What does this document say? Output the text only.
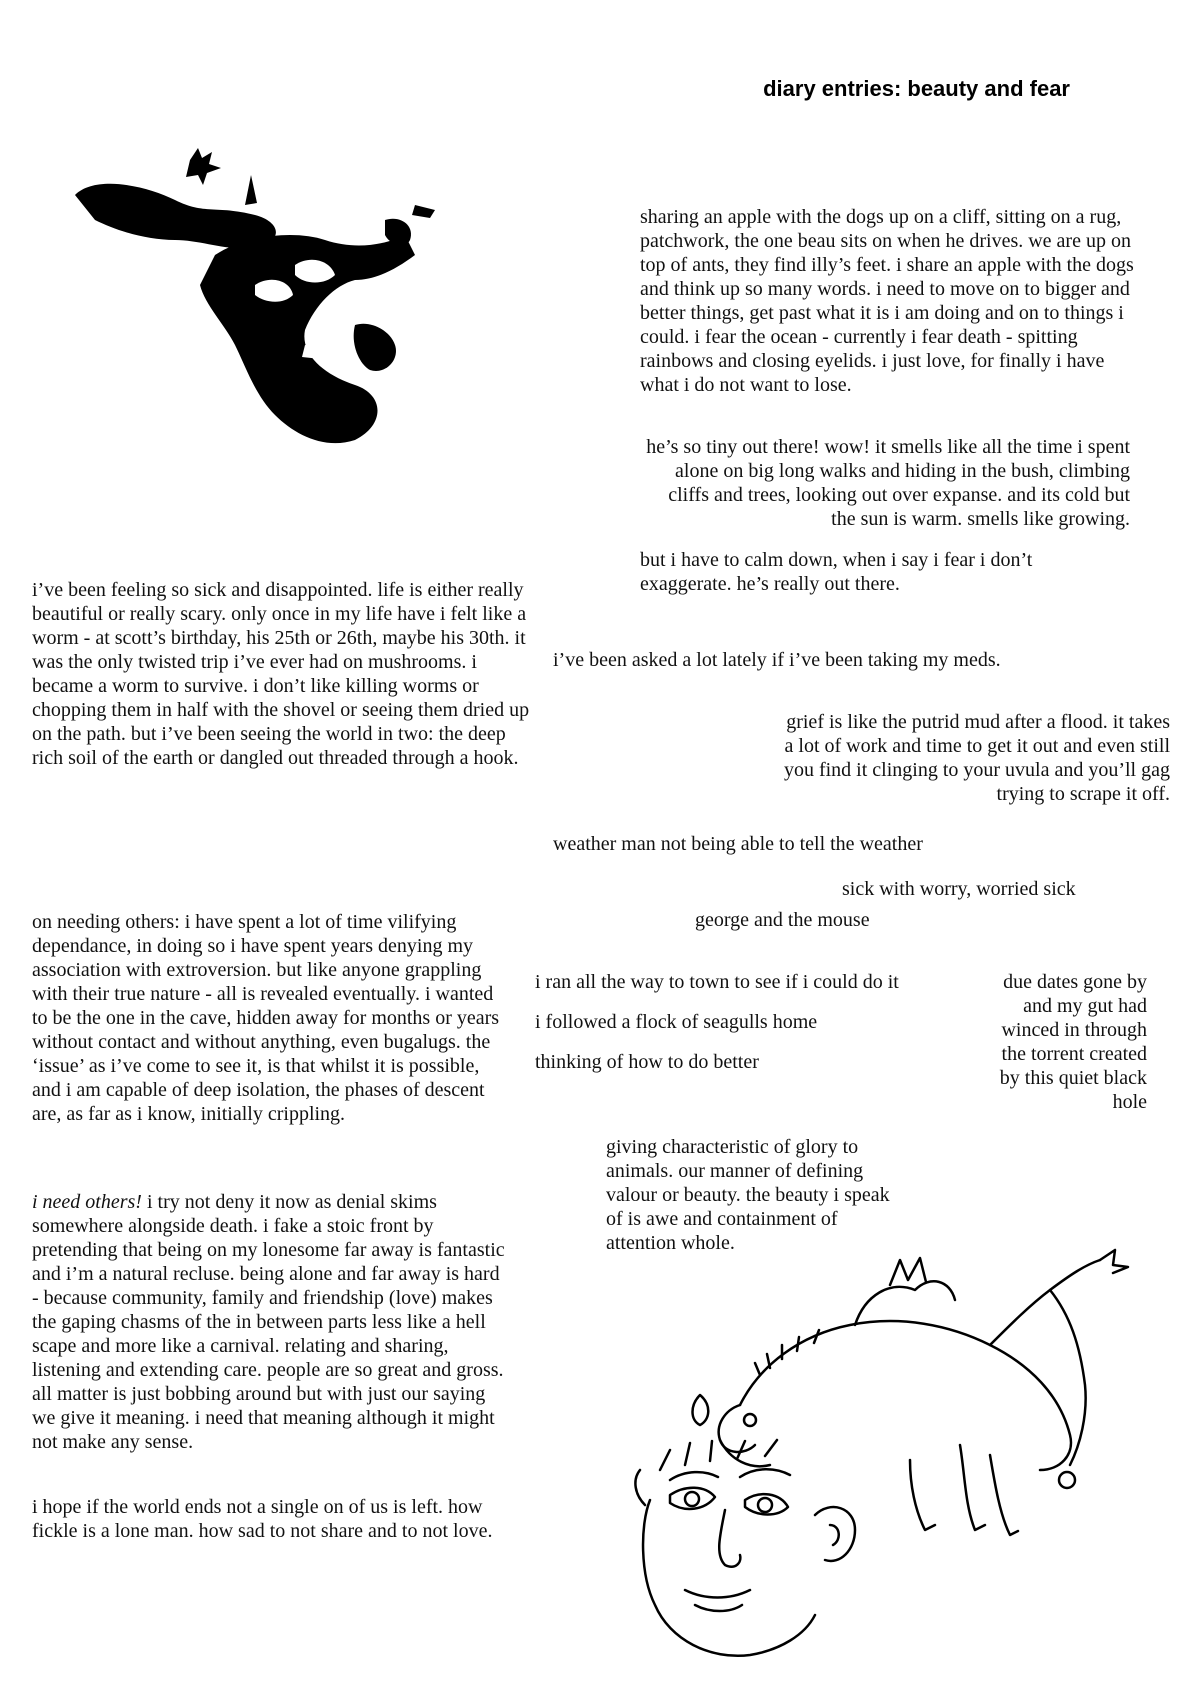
diary entries: beauty and fear

sharing an apple with the dogs up on a cliff, sitting on a rug, patchwork, the one beau sits on when he drives. we are up on top of ants, they find illy’s feet. i share an apple with the dogs and think up so many words. i need to move on to bigger and better things, get past what it is i am doing and on to things i could. i fear the ocean - currently i fear death - spitting rainbows and closing eyelids. i just love, for finally i have what i do not want to lose.

he’s so tiny out there! wow! it smells like all the time i spent alone on big long walks and hiding in the bush, climbing cliffs and trees, looking out over expanse. and its cold but the sun is warm. smells like growing.

but i have to calm down, when i say i fear i don’t exaggerate. he’s really out there.

i’ve been feeling so sick and disappointed. life is either really beautiful or really scary. only once in my life have i felt like a worm - at scott’s birthday, his 25th or 26th, maybe his 30th. it was the only twisted trip i’ve ever had on mushrooms. i became a worm to survive. i don’t like killing worms or chopping them in half with the shovel or seeing them dried up on the path. but i’ve been seeing the world in two: the deep rich soil of the earth or dangled out threaded through a hook.

i’ve been asked a lot lately if i’ve been taking my meds.

grief is like the putrid mud after a flood. it takes a lot of work and time to get it out and even still you find it clinging to your uvula and you’ll gag trying to scrape it off.

weather man not being able to tell the weather

sick with worry, worried sick

george and the mouse

i ran all the way to town to see if i could do it

i followed a flock of seagulls home

thinking of how to do better

due dates gone by and my gut had winced in through the torrent created by this quiet black hole

on needing others: i have spent a lot of time vilifying dependance, in doing so i have spent years denying my association with extroversion. but like anyone grappling with their true nature - all is revealed eventually. i wanted to be the one in the cave, hidden away for months or years without contact and without anything, even bugalugs. the ‘issue’ as i’ve come to see it, is that whilst it is possible, and i am capable of deep isolation, the phases of descent are, as far as i know, initially crippling.

i need others! i try not deny it now as denial skims somewhere alongside death. i fake a stoic front by pretending that being on my lonesome far away is fantastic and i’m a natural recluse. being alone and far away is hard - because community, family and friendship (love) makes the gaping chasms of the in between parts less like a hell scape and more like a carnival. relating and sharing, listening and extending care. people are so great and gross. all matter is just bobbing around but with just our saying we give it meaning. i need that meaning although it might not make any sense.

i hope if the world ends not a single on of us is left. how fickle is a lone man. how sad to not share and to not love.

giving characteristic of glory to animals. our manner of defining valour or beauty. the beauty i speak of is awe and containment of attention whole.
